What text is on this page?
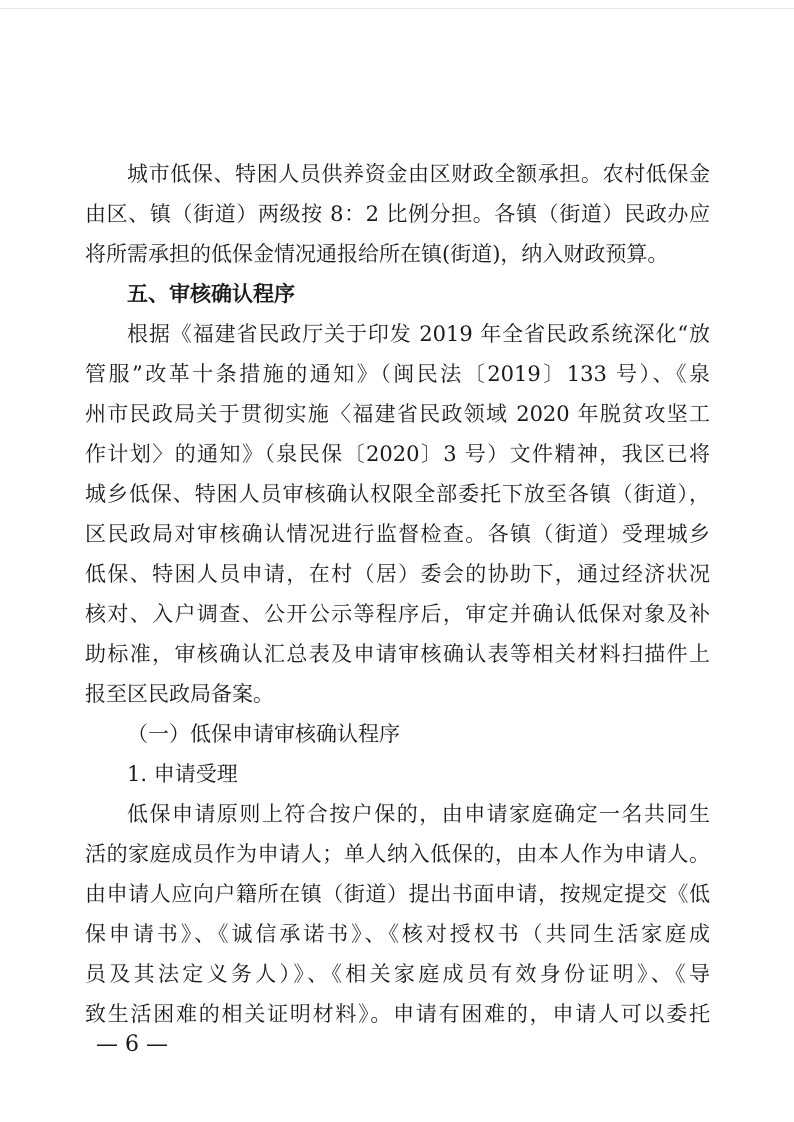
城市低保、特困人员供养资金由区财政全额承担。农村低保金
由区、镇（街道）两级按 8：2 比例分担。各镇（街道）民政办应
将所需承担的低保金情况通报给所在镇(街道)，纳入财政预算。
五、审核确认程序
根据《福建省民政厅关于印发 2019 年全省民政系统深化“放
管服”改革十条措施的通知》（闽民法〔2019〕133 号）、《泉
州市民政局关于贯彻实施〈福建省民政领域 2020 年脱贫攻坚工
作计划〉的通知》（泉民保〔2020〕3 号）文件精神，我区已将
城乡低保、特困人员审核确认权限全部委托下放至各镇（街道），
区民政局对审核确认情况进行监督检查。各镇（街道）受理城乡
低保、特困人员申请，在村（居）委会的协助下，通过经济状况
核对、入户调查、公开公示等程序后，审定并确认低保对象及补
助标准，审核确认汇总表及申请审核确认表等相关材料扫描件上
报至区民政局备案。
（一）低保申请审核确认程序
1. 申请受理
低保申请原则上符合按户保的，由申请家庭确定一名共同生
活的家庭成员作为申请人；单人纳入低保的，由本人作为申请人。
由申请人应向户籍所在镇（街道）提出书面申请，按规定提交《低
保申请书》、《诚信承诺书》、《核对授权书（共同生活家庭成
员及其法定义务人）》、《相关家庭成员有效身份证明》、《导
致生活困难的相关证明材料》。申请有困难的，申请人可以委托
— 6 —
